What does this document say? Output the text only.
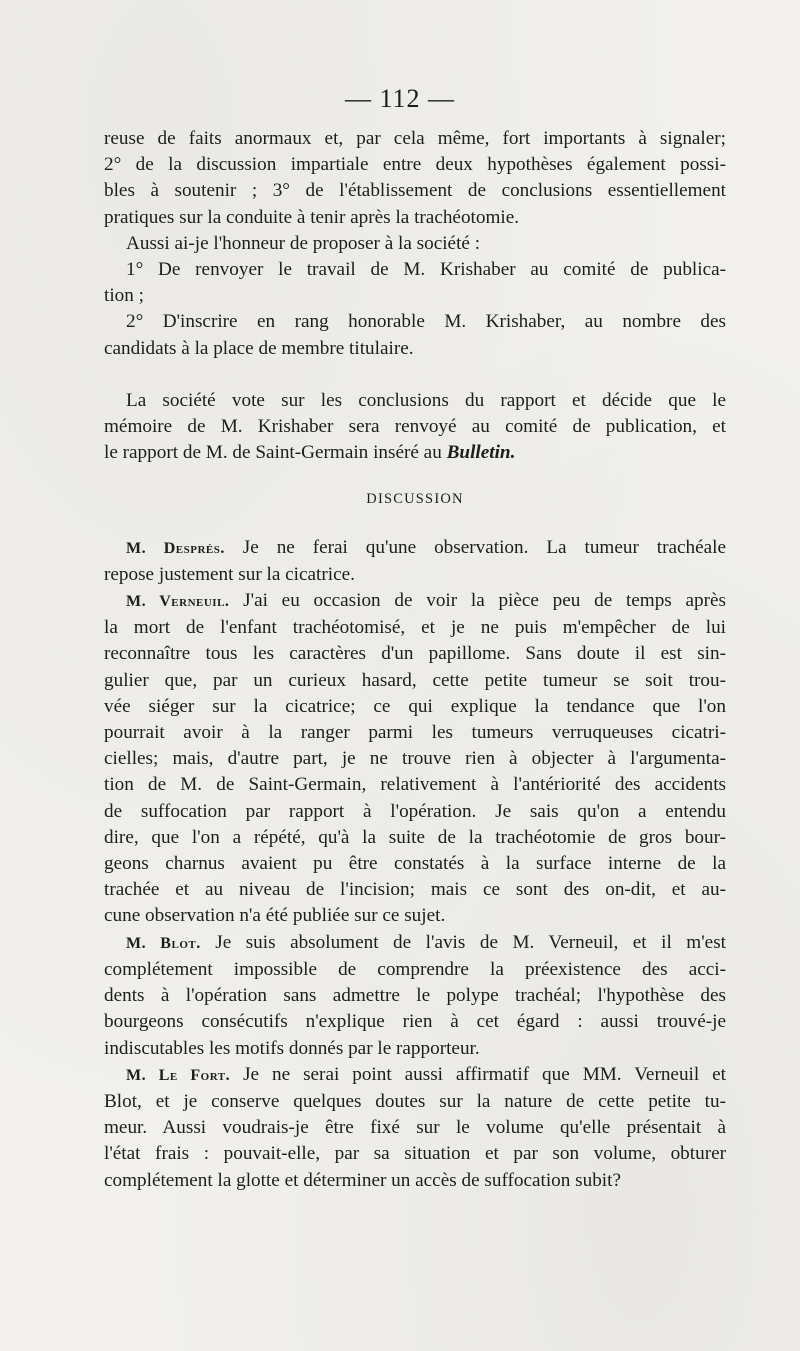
— 112 —

reuse de faits anormaux et, par cela même, fort importants à signaler;

2° de la discussion impartiale entre deux hypothèses également possi-

bles à soutenir ; 3° de l'établissement de conclusions essentiellement

pratiques sur la conduite à tenir après la trachéotomie.

Aussi ai-je l'honneur de proposer à la société :

1° De renvoyer le travail de M. Krishaber au comité de publica-

tion ;

2° D'inscrire en rang honorable M. Krishaber, au nombre des

candidats à la place de membre titulaire.

La société vote sur les conclusions du rapport et décide que le

mémoire de M. Krishaber sera renvoyé au comité de publication, et

le rapport de M. de Saint-Germain inséré au Bulletin.

DISCUSSION

M. Després. Je ne ferai qu'une observation. La tumeur trachéale

repose justement sur la cicatrice.

M. Verneuil. J'ai eu occasion de voir la pièce peu de temps après

la mort de l'enfant trachéotomisé, et je ne puis m'empêcher de lui

reconnaître tous les caractères d'un papillome. Sans doute il est sin-

gulier que, par un curieux hasard, cette petite tumeur se soit trou-

vée siéger sur la cicatrice; ce qui explique la tendance que l'on

pourrait avoir à la ranger parmi les tumeurs verruqueuses cicatri-

cielles; mais, d'autre part, je ne trouve rien à objecter à l'argumenta-

tion de M. de Saint-Germain, relativement à l'antériorité des accidents

de suffocation par rapport à l'opération. Je sais qu'on a entendu

dire, que l'on a répété, qu'à la suite de la trachéotomie de gros bour-

geons charnus avaient pu être constatés à la surface interne de la

trachée et au niveau de l'incision; mais ce sont des on-dit, et au-

cune observation n'a été publiée sur ce sujet.

M. Blot. Je suis absolument de l'avis de M. Verneuil, et il m'est

complétement impossible de comprendre la préexistence des acci-

dents à l'opération sans admettre le polype trachéal; l'hypothèse des

bourgeons consécutifs n'explique rien à cet égard : aussi trouvé-je

indiscutables les motifs donnés par le rapporteur.

M. Le Fort. Je ne serai point aussi affirmatif que MM. Verneuil et

Blot, et je conserve quelques doutes sur la nature de cette petite tu-

meur. Aussi voudrais-je être fixé sur le volume qu'elle présentait à

l'état frais : pouvait-elle, par sa situation et par son volume, obturer

complétement la glotte et déterminer un accès de suffocation subit?
